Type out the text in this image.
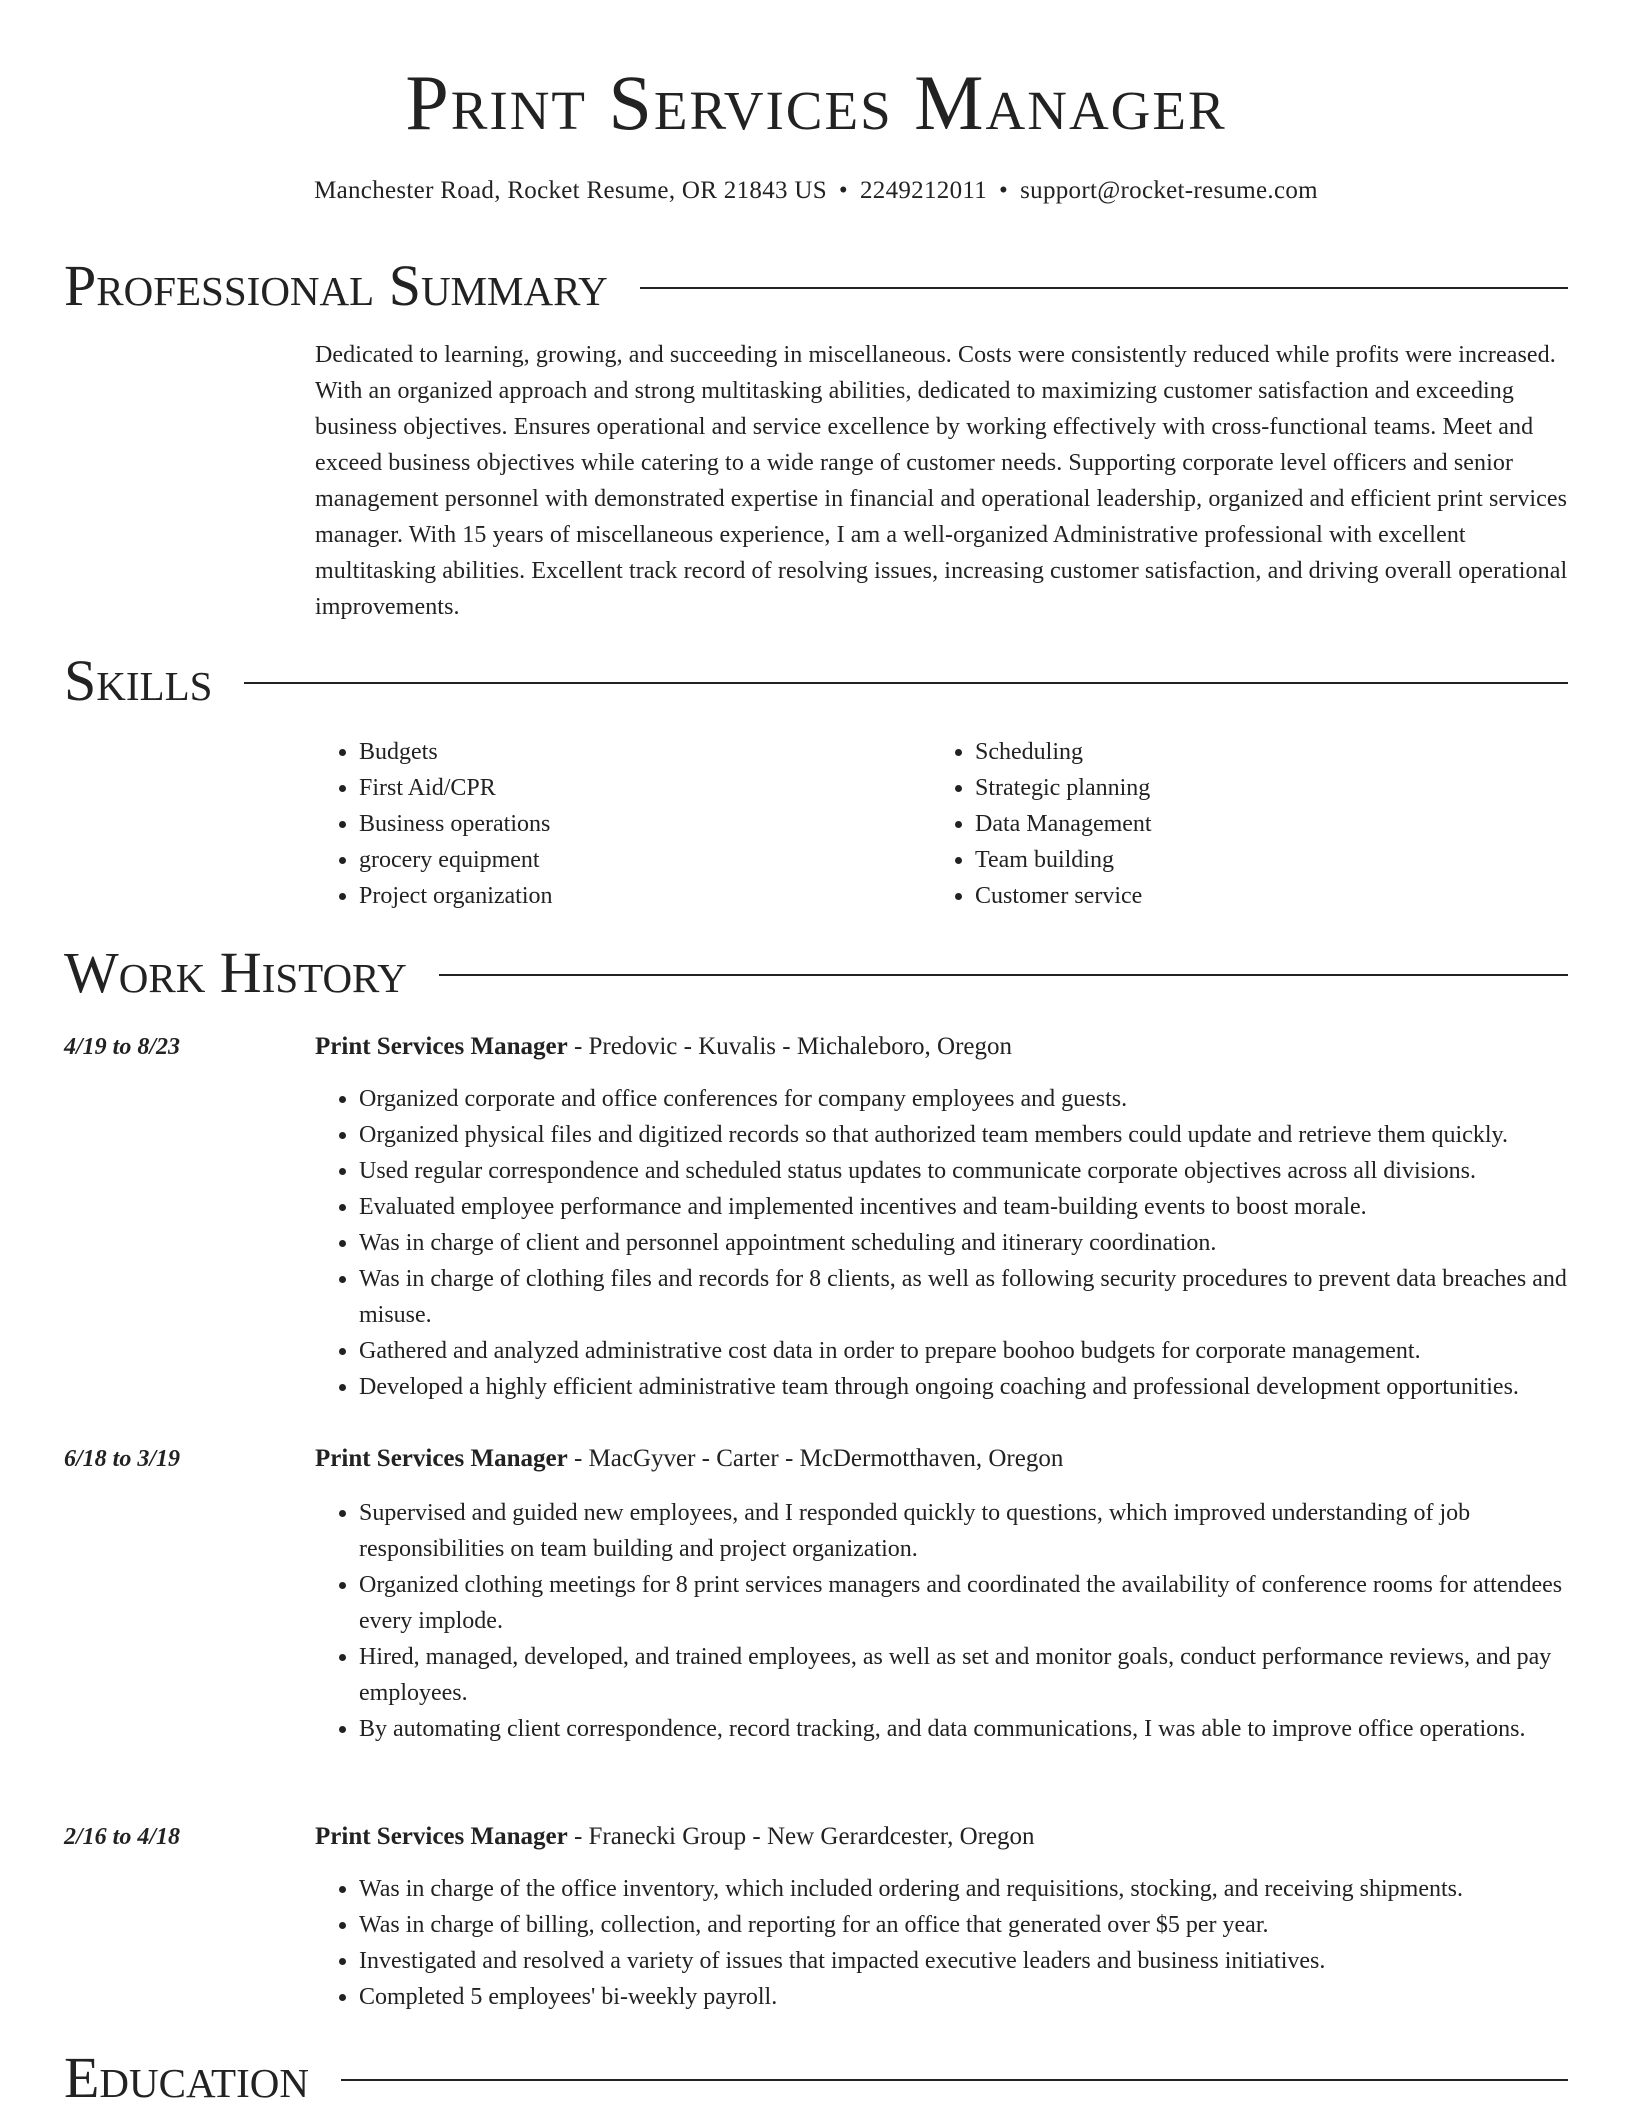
Print Services Manager
Manchester Road, Rocket Resume, OR 21843 US • 2249212011 • support@rocket-resume.com
Professional Summary

Dedicated to learning, growing, and succeeding in miscellaneous. Costs were consistently reduced while profits were increased. With an organized approach and strong multitasking abilities, dedicated to maximizing customer satisfaction and exceeding business objectives. Ensures operational and service excellence by working effectively with cross-functional teams. Meet and exceed business objectives while catering to a wide range of customer needs. Supporting corporate level officers and senior management personnel with demonstrated expertise in financial and operational leadership, organized and efficient print services manager. With 15 years of miscellaneous experience, I am a well-organized Administrative professional with excellent multitasking abilities. Excellent track record of resolving issues, increasing customer satisfaction, and driving overall operational improvements.

Skills
• Budgets
• First Aid/CPR
• Business operations
• grocery equipment
• Project organization
• Scheduling
• Strategic planning
• Data Management
• Team building
• Customer service
Work History
4/19 to 8/23	Print Services Manager - Predovic - Kuvalis - Michaleboro, Oregon
• Organized corporate and office conferences for company employees and guests.
• Organized physical files and digitized records so that authorized team members could update and retrieve them quickly.
• Used regular correspondence and scheduled status updates to communicate corporate objectives across all divisions.
• Evaluated employee performance and implemented incentives and team-building events to boost morale.
• Was in charge of client and personnel appointment scheduling and itinerary coordination.
• Was in charge of clothing files and records for 8 clients, as well as following security procedures to prevent data breaches and misuse.
• Gathered and analyzed administrative cost data in order to prepare boohoo budgets for corporate management.
• Developed a highly efficient administrative team through ongoing coaching and professional development opportunities.
6/18 to 3/19	Print Services Manager - MacGyver - Carter - McDermotthaven, Oregon
• Supervised and guided new employees, and I responded quickly to questions, which improved understanding of job responsibilities on team building and project organization.
• Organized clothing meetings for 8 print services managers and coordinated the availability of conference rooms for attendees every implode.
• Hired, managed, developed, and trained employees, as well as set and monitor goals, conduct performance reviews, and pay employees.
• By automating client correspondence, record tracking, and data communications, I was able to improve office operations.
2/16 to 4/18	Print Services Manager - Franecki Group - New Gerardcester, Oregon
• Was in charge of the office inventory, which included ordering and requisitions, stocking, and receiving shipments.
• Was in charge of billing, collection, and reporting for an office that generated over $5 per year.
• Investigated and resolved a variety of issues that impacted executive leaders and business initiatives.
• Completed 5 employees' bi-weekly payroll.
Education
